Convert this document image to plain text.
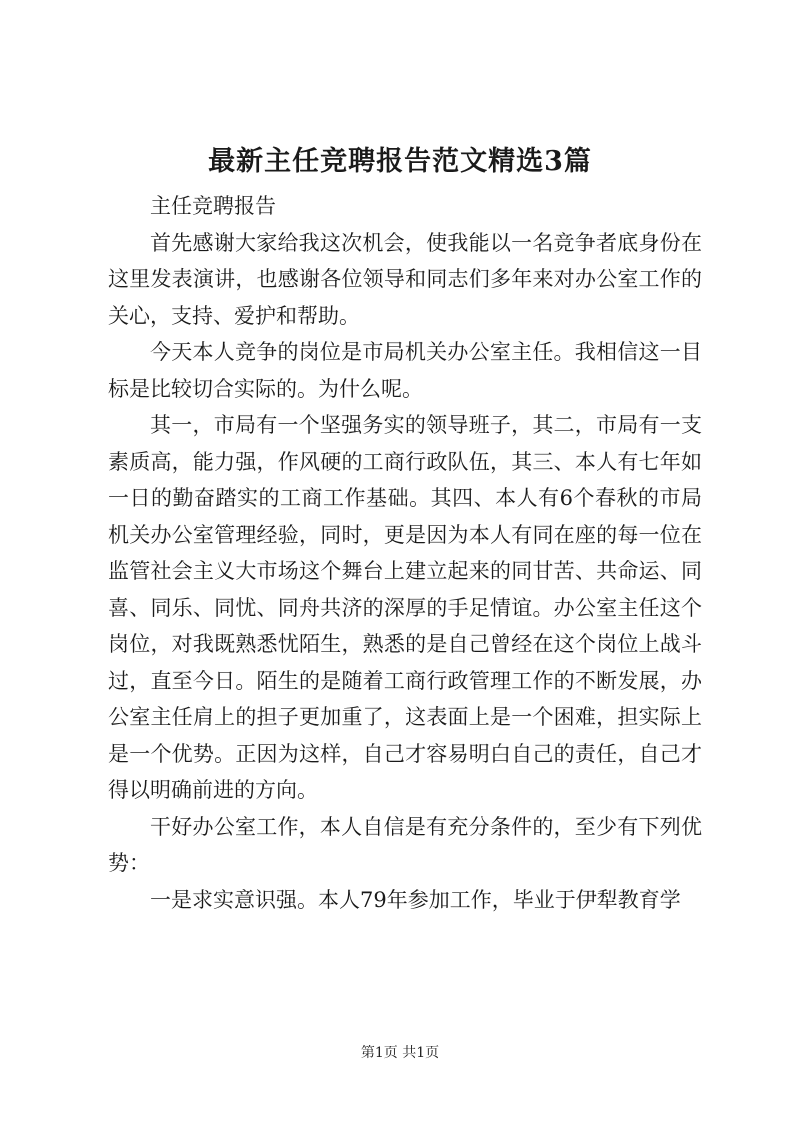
最新主任竞聘报告范文精选3篇

主任竞聘报告

首先感谢大家给我这次机会，使我能以一名竞争者底身份在这里发表演讲，也感谢各位领导和同志们多年来对办公室工作的关心，支持、爱护和帮助。

今天本人竞争的岗位是市局机关办公室主任。我相信这一目标是比较切合实际的。为什么呢。

其一，市局有一个坚强务实的领导班子，其二，市局有一支素质高，能力强，作风硬的工商行政队伍，其三、本人有七年如一日的勤奋踏实的工商工作基础。其四、本人有6个春秋的市局机关办公室管理经验，同时，更是因为本人有同在座的每一位在监管社会主义大市场这个舞台上建立起来的同甘苦、共命运、同喜、同乐、同忧、同舟共济的深厚的手足情谊。办公室主任这个岗位，对我既熟悉忧陌生，熟悉的是自己曾经在这个岗位上战斗过，直至今日。陌生的是随着工商行政管理工作的不断发展，办公室主任肩上的担子更加重了，这表面上是一个困难，担实际上是一个优势。正因为这样，自己才容易明白自己的责任，自己才得以明确前进的方向。

干好办公室工作，本人自信是有充分条件的，至少有下列优势：

一是求实意识强。本人79年参加工作，毕业于伊犁教育学

第1页 共1页
